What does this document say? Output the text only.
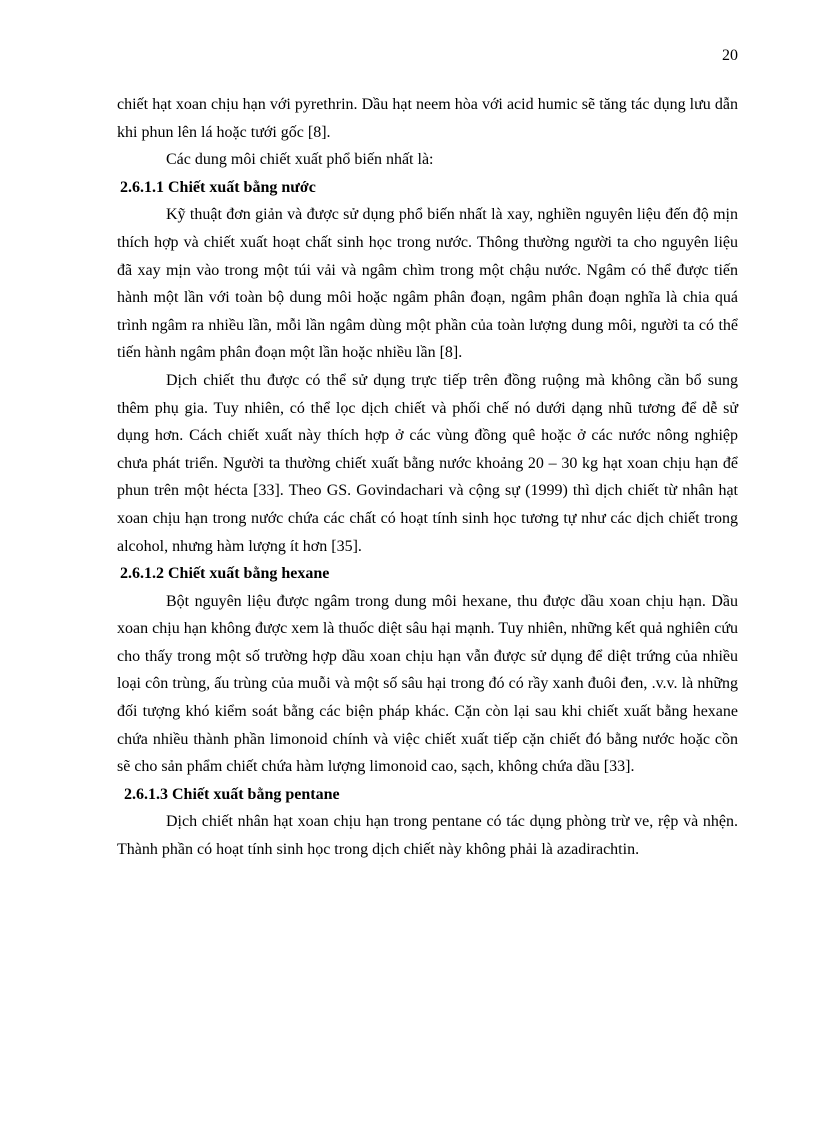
20

chiết hạt xoan chịu hạn với pyrethrin. Dầu hạt neem hòa với acid humic sẽ tăng tác dụng lưu dẫn khi phun lên lá hoặc tưới gốc [8].

Các dung môi chiết xuất phổ biến nhất là:

2.6.1.1 Chiết xuất bằng nước

Kỹ thuật đơn giản và được sử dụng phổ biến nhất là xay, nghiền nguyên liệu đến độ mịn thích hợp và chiết xuất hoạt chất sinh học trong nước. Thông thường người ta cho nguyên liệu đã xay mịn vào trong một túi vải và ngâm chìm trong một chậu nước. Ngâm có thể được tiến hành một lần với toàn bộ dung môi hoặc ngâm phân đoạn, ngâm phân đoạn nghĩa là chia quá trình ngâm ra nhiều lần, mỗi lần ngâm dùng một phần của toàn lượng dung môi, người ta có thể tiến hành ngâm phân đoạn một lần hoặc nhiều lần [8].

Dịch chiết thu được có thể sử dụng trực tiếp trên đồng ruộng mà không cần bổ sung thêm phụ gia. Tuy nhiên, có thể lọc dịch chiết và phối chế nó dưới dạng nhũ tương để dễ sử dụng hơn. Cách chiết xuất này thích hợp ở các vùng đồng quê hoặc ở các nước nông nghiệp chưa phát triển. Người ta thường chiết xuất bằng nước khoảng 20 – 30 kg hạt xoan chịu hạn để phun trên một hécta [33]. Theo GS. Govindachari và cộng sự (1999) thì dịch chiết từ nhân hạt xoan chịu hạn trong nước chứa các chất có hoạt tính sinh học tương tự như các dịch chiết trong alcohol, nhưng hàm lượng ít hơn [35].

2.6.1.2 Chiết xuất bằng hexane

Bột nguyên liệu được ngâm trong dung môi hexane, thu được dầu xoan chịu hạn. Dầu xoan chịu hạn không được xem là thuốc diệt sâu hại mạnh. Tuy nhiên, những kết quả nghiên cứu cho thấy trong một số trường hợp dầu xoan chịu hạn vẫn được sử dụng để diệt trứng của nhiều loại côn trùng, ấu trùng của muỗi và một số sâu hại trong đó có rầy xanh đuôi đen, .v.v. là những đối tượng khó kiểm soát bằng các biện pháp khác. Cặn còn lại sau khi chiết xuất bằng hexane chứa nhiều thành phần limonoid chính và việc chiết xuất tiếp cặn chiết đó bằng nước hoặc cồn sẽ cho sản phẩm chiết chứa hàm lượng limonoid cao, sạch, không chứa dầu [33].

2.6.1.3 Chiết xuất bằng pentane

Dịch chiết nhân hạt xoan chịu hạn trong pentane có tác dụng phòng trừ ve, rệp và nhện. Thành phần có hoạt tính sinh học trong dịch chiết này không phải là azadirachtin.
